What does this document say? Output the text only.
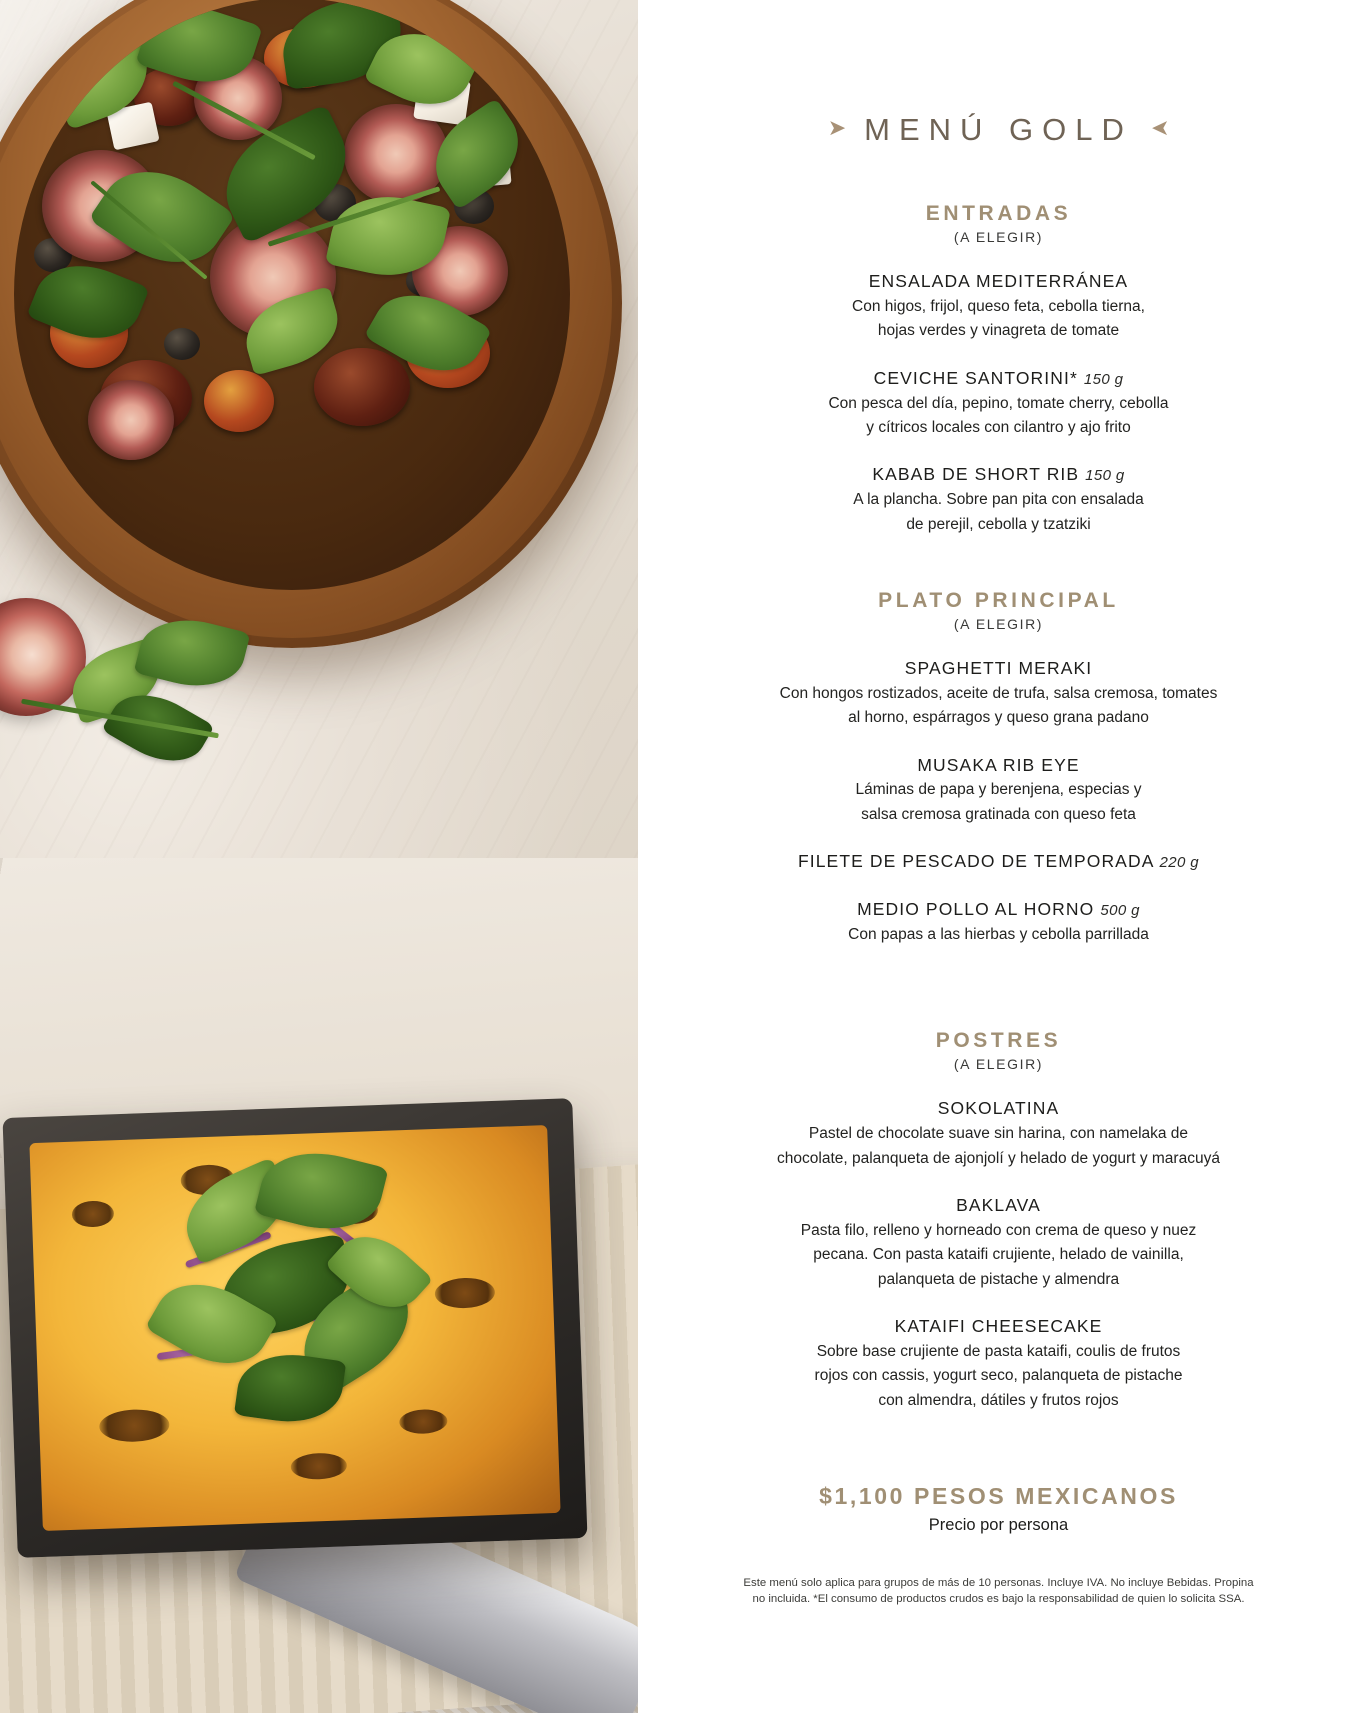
➤ MENÚ GOLD ➤
ENTRADAS
(A ELEGIR)
ENSALADA MEDITERRÁNEA
Con higos, frijol, queso feta, cebolla tierna,
hojas verdes y vinagreta de tomate
CEVICHE SANTORINI* 150 g
Con pesca del día, pepino, tomate cherry, cebolla
y cítricos locales con cilantro y ajo frito
KABAB DE SHORT RIB 150 g
A la plancha. Sobre pan pita con ensalada
de perejil, cebolla y tzatziki
PLATO PRINCIPAL
(A ELEGIR)
SPAGHETTI MERAKI
Con hongos rostizados, aceite de trufa, salsa cremosa, tomates
al horno, espárragos y queso grana padano
MUSAKA RIB EYE
Láminas de papa y berenjena, especias y
salsa cremosa gratinada con queso feta
FILETE DE PESCADO DE TEMPORADA 220 g
MEDIO POLLO AL HORNO 500 g
Con papas a las hierbas y cebolla parrillada
POSTRES
(A ELEGIR)
SOKOLATINA
Pastel de chocolate suave sin harina, con namelaka de
chocolate, palanqueta de ajonjolí y helado de yogurt y maracuyá
BAKLAVA
Pasta filo, relleno y horneado con crema de queso y nuez
pecana. Con pasta kataifi crujiente, helado de vainilla,
palanqueta de pistache y almendra
KATAIFI CHEESECAKE
Sobre base crujiente de pasta kataifi, coulis de frutos
rojos con cassis, yogurt seco, palanqueta de pistache
con almendra, dátiles y frutos rojos
$1,100 PESOS MEXICANOS
Precio por persona
Este menú solo aplica para grupos de más de 10 personas. Incluye IVA. No incluye Bebidas. Propina
no incluida. *El consumo de productos crudos es bajo la responsabilidad de quien lo solicita SSA.
